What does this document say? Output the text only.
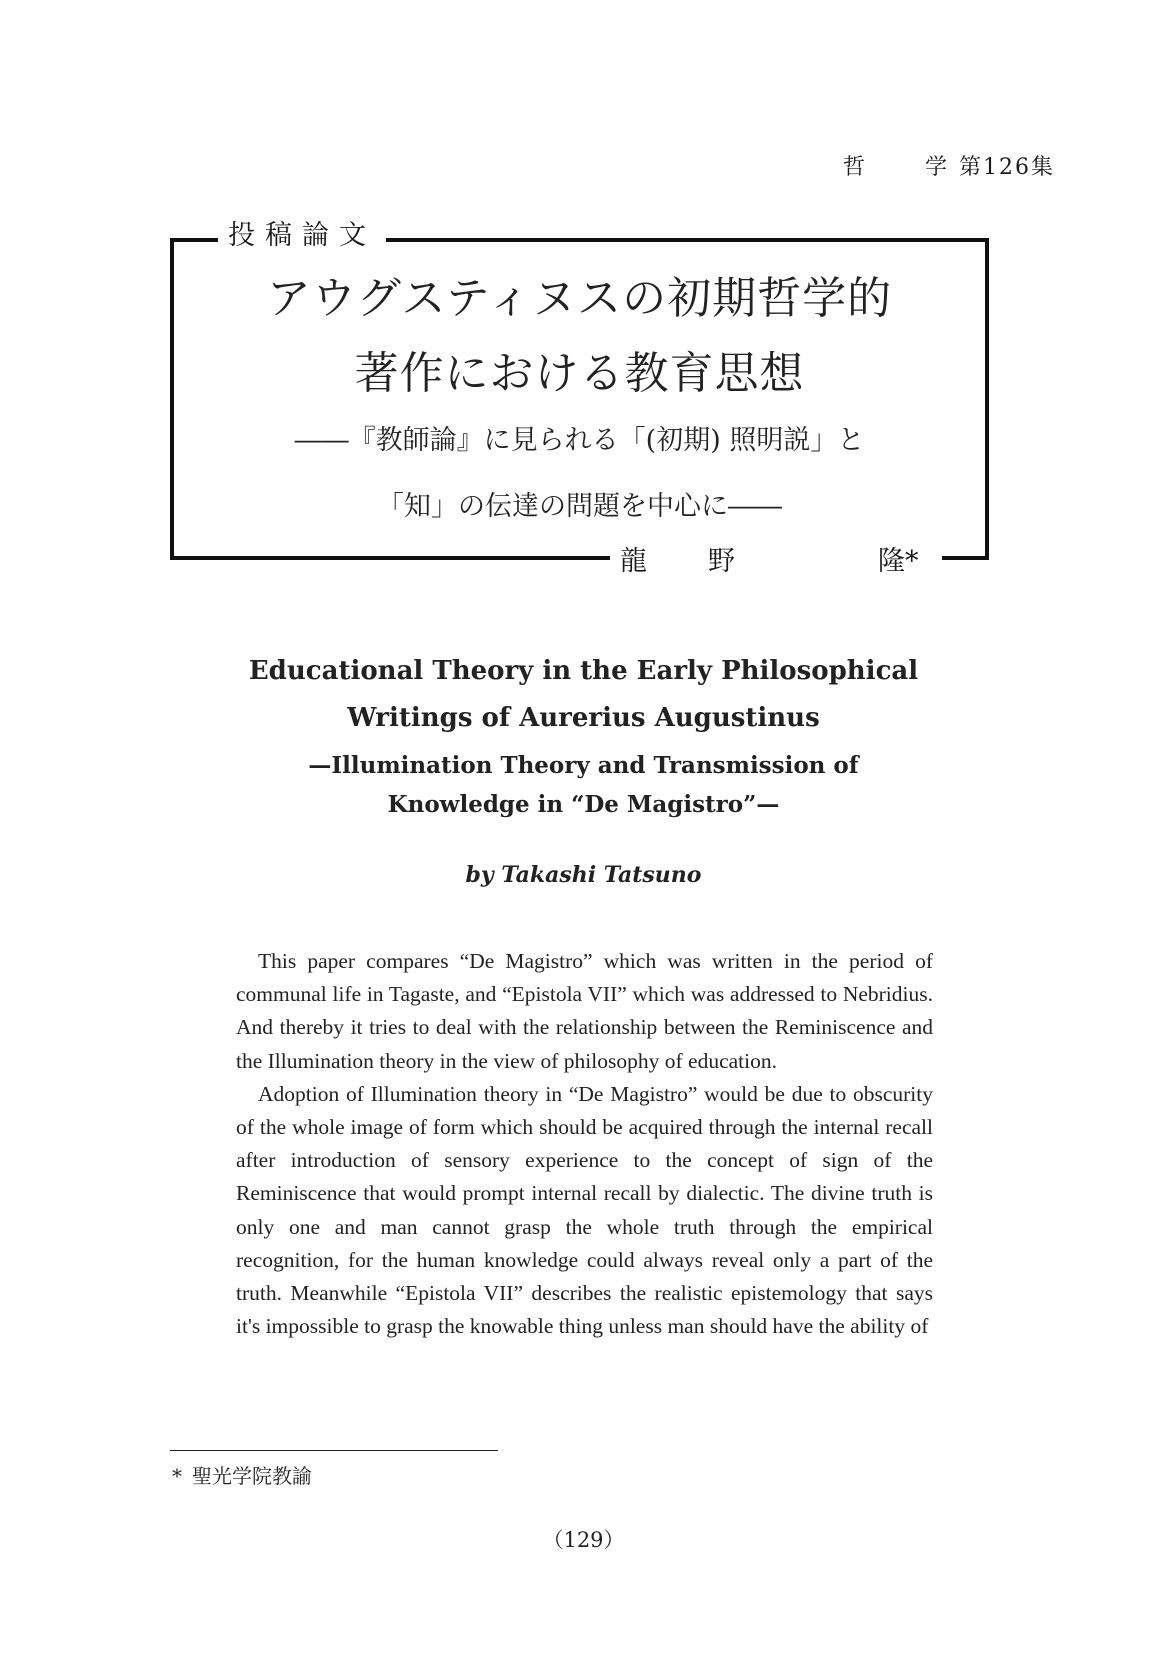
哲	学 第126集
投稿論文
アウグスティヌスの初期哲学的
著作における教育思想
――『教師論』に見られる「(初期) 照明説」と
「知」の伝達の問題を中心に――
龍 野	隆*
Educational Theory in the Early Philosophical
Writings of Aurerius Augustinus
—Illumination Theory and Transmission of
Knowledge in “De Magistro”—
by Takashi Tatsuno

This paper compares “De Magistro” which was written in the period of communal life in Tagaste, and “Epistola VII” which was addressed to Nebridius. And thereby it tries to deal with the relationship between the Reminiscence and the Illumination theory in the view of philosophy of education.

Adoption of Illumination theory in “De Magistro” would be due to obscurity of the whole image of form which should be acquired through the internal recall after introduction of sensory experience to the concept of sign of the Reminiscence that would prompt internal recall by dialectic. The divine truth is only one and man cannot grasp the whole truth through the empirical recognition, for the human knowledge could always reveal only a part of the truth. Meanwhile “Epistola VII” describes the realistic epistemology that says it's impossible to grasp the knowable thing unless man should have the ability of

* 聖光学院教諭
（129）
